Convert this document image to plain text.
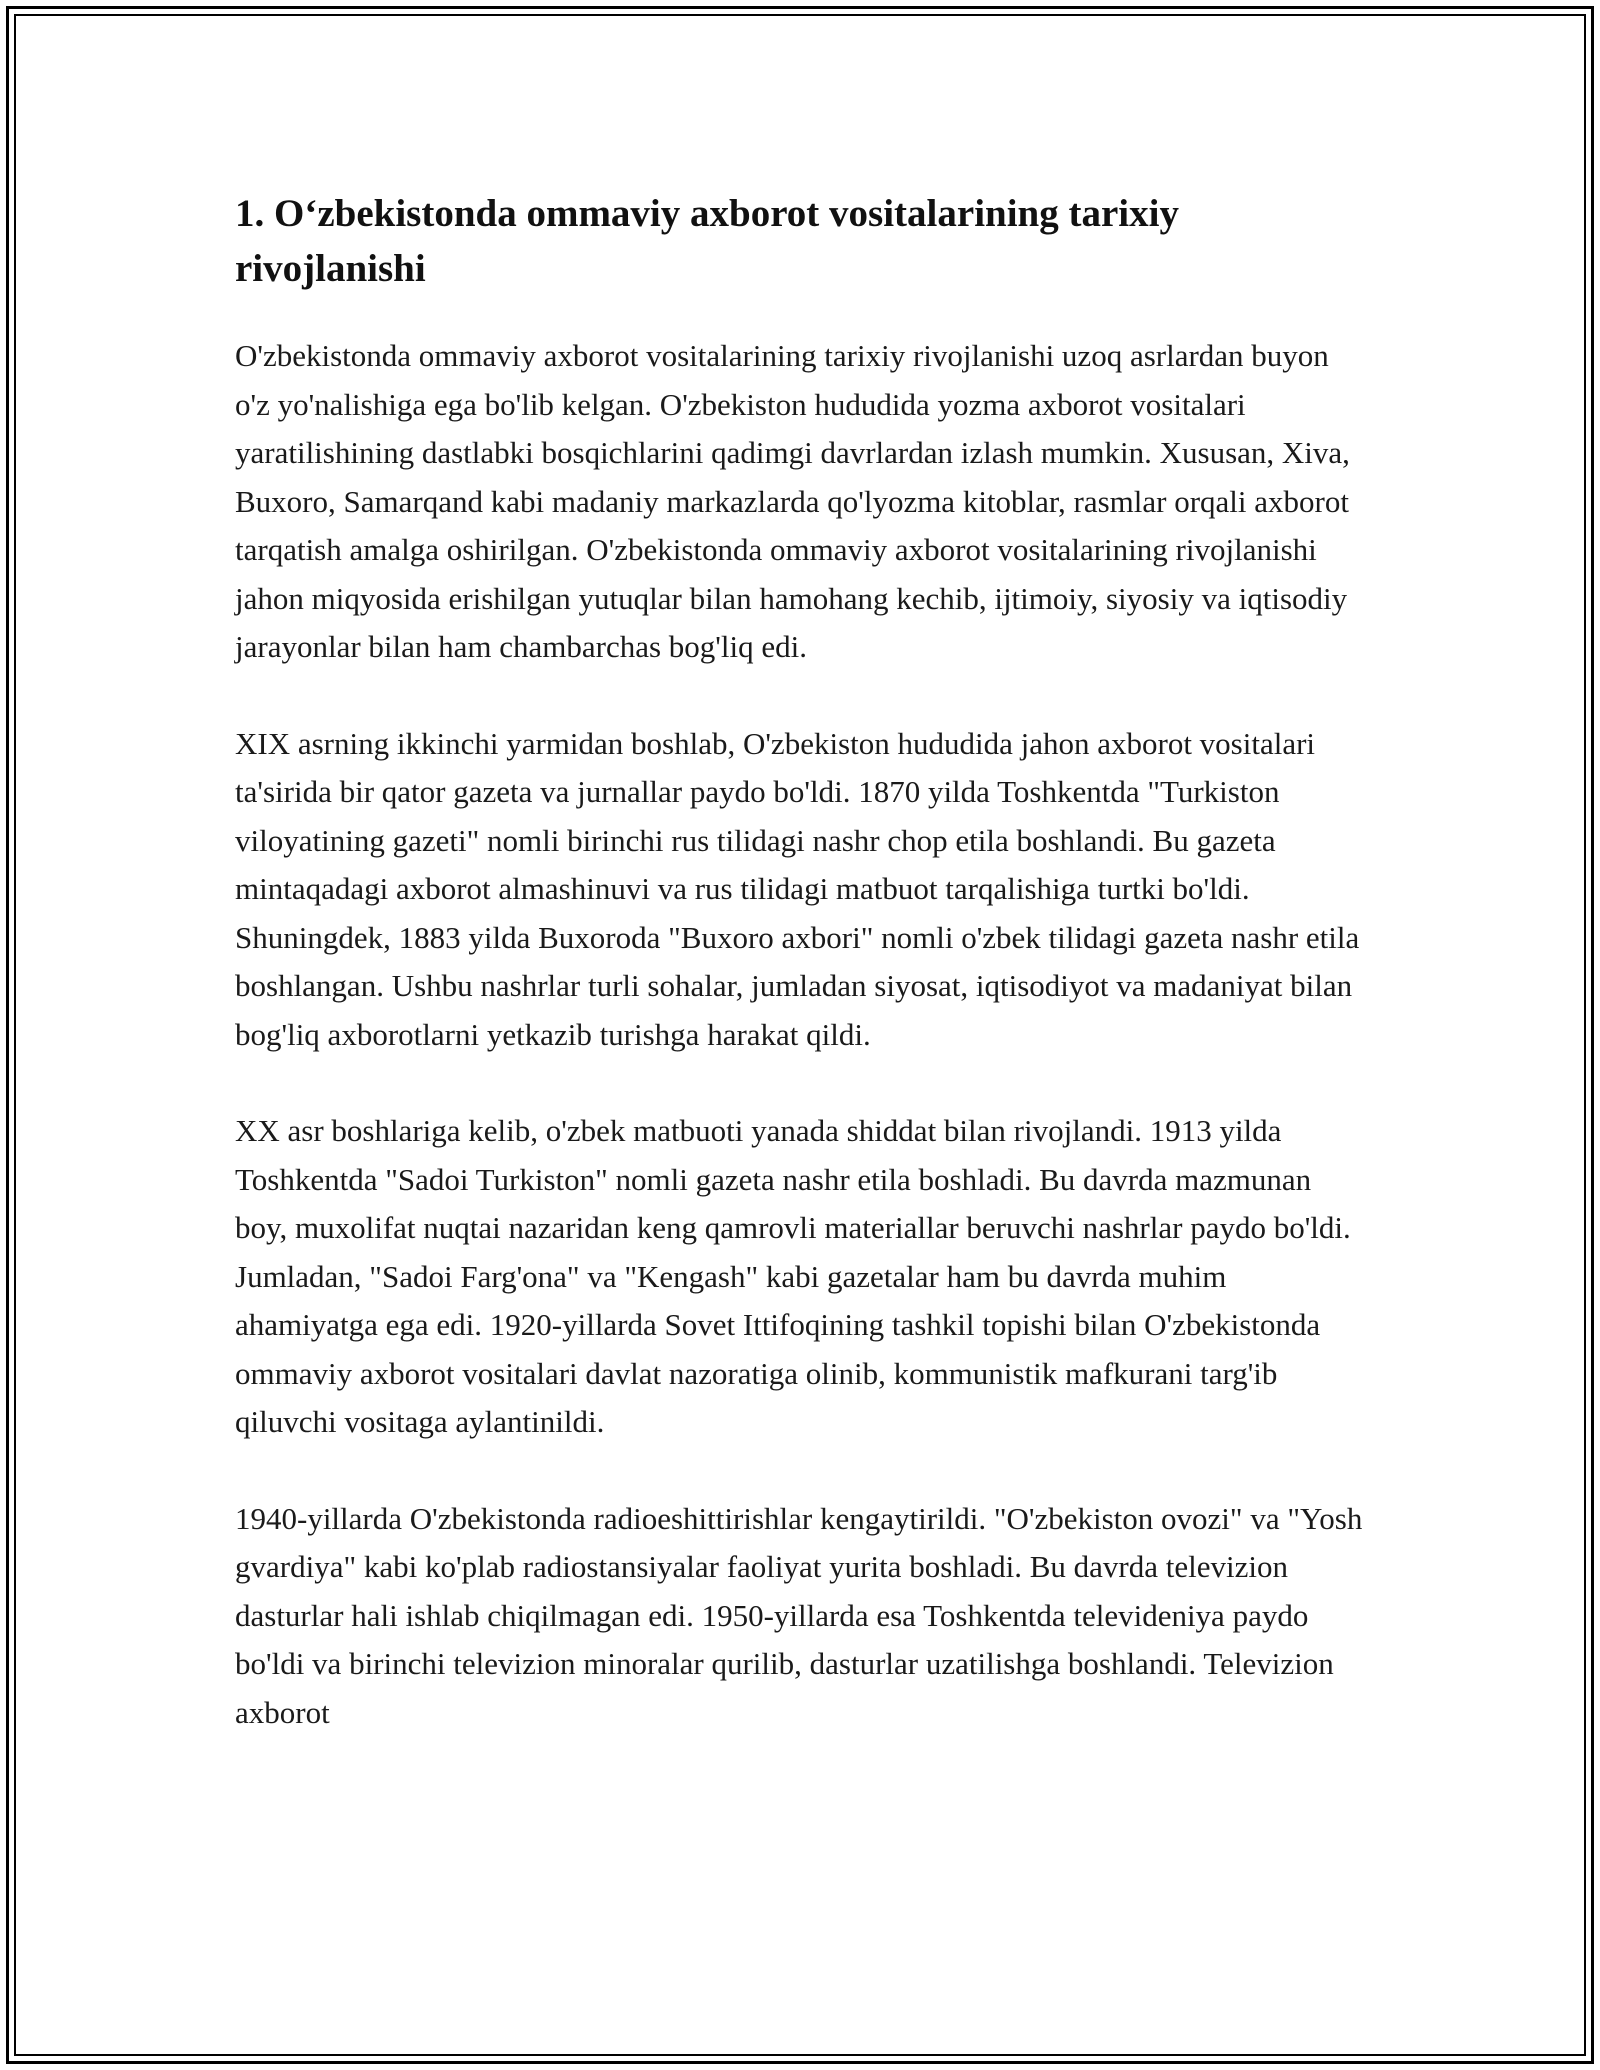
1. O‘zbekistonda ommaviy axborot vositalarining tarixiy rivojlanishi

O'zbekistonda ommaviy axborot vositalarining tarixiy rivojlanishi uzoq asrlardan buyon o'z yo'nalishiga ega bo'lib kelgan. O'zbekiston hududida yozma axborot vositalari yaratilishining dastlabki bosqichlarini qadimgi davrlardan izlash mumkin. Xususan, Xiva, Buxoro, Samarqand kabi madaniy markazlarda qo'lyozma kitoblar, rasmlar orqali axborot tarqatish amalga oshirilgan. O'zbekistonda ommaviy axborot vositalarining rivojlanishi jahon miqyosida erishilgan yutuqlar bilan hamohang kechib, ijtimoiy, siyosiy va iqtisodiy jarayonlar bilan ham chambarchas bog'liq edi.

XIX asrning ikkinchi yarmidan boshlab, O'zbekiston hududida jahon axborot vositalari ta'sirida bir qator gazeta va jurnallar paydo bo'ldi. 1870 yilda Toshkentda "Turkiston viloyatining gazeti" nomli birinchi rus tilidagi nashr chop etila boshlandi. Bu gazeta mintaqadagi axborot almashinuvi va rus tilidagi matbuot tarqalishiga turtki bo'ldi. Shuningdek, 1883 yilda Buxoroda "Buxoro axbori" nomli o'zbek tilidagi gazeta nashr etila boshlangan. Ushbu nashrlar turli sohalar, jumladan siyosat, iqtisodiyot va madaniyat bilan bog'liq axborotlarni yetkazib turishga harakat qildi.

XX asr boshlariga kelib, o'zbek matbuoti yanada shiddat bilan rivojlandi. 1913 yilda Toshkentda "Sadoi Turkiston" nomli gazeta nashr etila boshladi. Bu davrda mazmunan boy, muxolifat nuqtai nazaridan keng qamrovli materiallar beruvchi nashrlar paydo bo'ldi. Jumladan, "Sadoi Farg'ona" va "Kengash" kabi gazetalar ham bu davrda muhim ahamiyatga ega edi. 1920-yillarda Sovet Ittifoqining tashkil topishi bilan O'zbekistonda ommaviy axborot vositalari davlat nazoratiga olinib, kommunistik mafkurani targ'ib qiluvchi vositaga aylantinildi.

1940-yillarda O'zbekistonda radioeshittirishlar kengaytirildi. "O'zbekiston ovozi" va "Yosh gvardiya" kabi ko'plab radiostansiyalar faoliyat yurita boshladi. Bu davrda televizion dasturlar hali ishlab chiqilmagan edi. 1950-yillarda esa Toshkentda televideniya paydo bo'ldi va birinchi televizion minoralar qurilib, dasturlar uzatilishga boshlandi. Televizion axborot
